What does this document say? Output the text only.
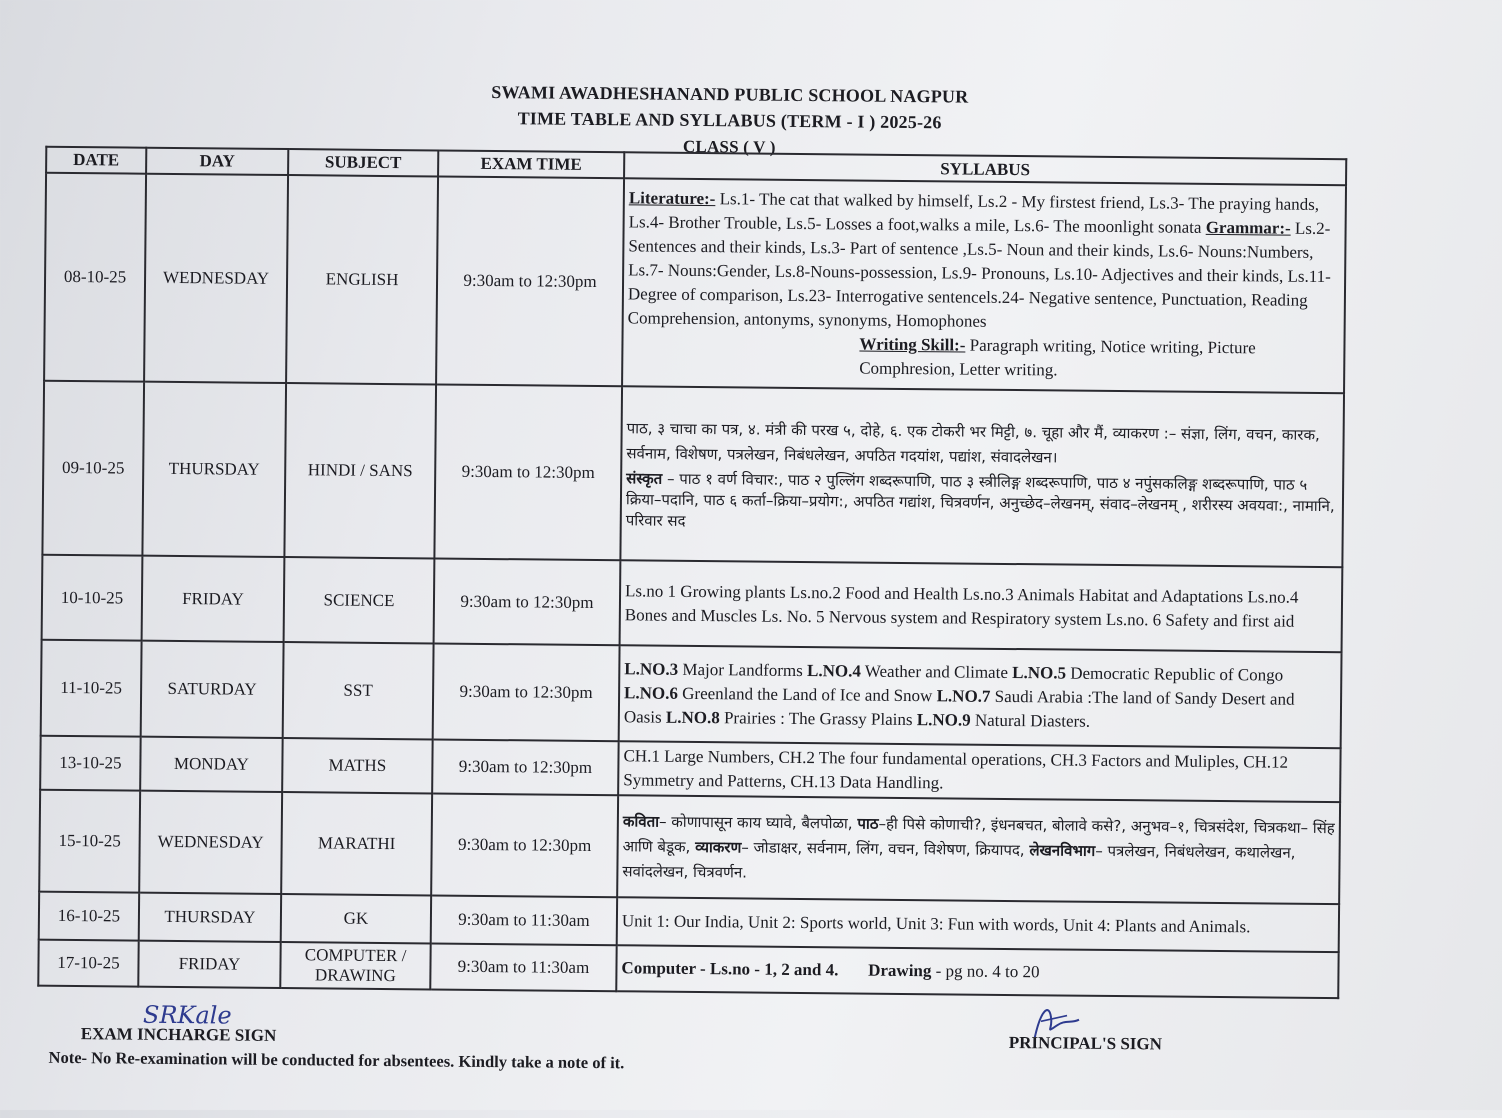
SWAMI AWADHESHANAND PUBLIC SCHOOL NAGPUR
TIME TABLE AND SYLLABUS (TERM - I ) 2025-26
CLASS ( V )
DATE	DAY	SUBJECT	EXAM TIME	SYLLABUS
08-10-25	WEDNESDAY	ENGLISH	9:30am to 12:30pm	Literature:- Ls.1- The cat that walked by himself, Ls.2 - My firstest friend, Ls.3- The praying hands, Ls.4- Brother Trouble, Ls.5- Losses a foot,walks a mile, Ls.6- The moonlight sonata Grammar:- Ls.2- Sentences and their kinds, Ls.3- Part of sentence ,Ls.5- Noun and their kinds, Ls.6- Nouns:Numbers, Ls.7- Nouns:Gender, Ls.8-Nouns-possession, Ls.9- Pronouns, Ls.10- Adjectives and their kinds, Ls.11- Degree of comparison, Ls.23- Interrogative sentencels.24- Negative sentence, Punctuation, Reading Comprehension, antonyms, synonyms, Homophones
Writing Skill:- Paragraph writing, Notice writing, Picture Comphresion, Letter writing.

09-10-25	THURSDAY	HINDI / SANS	9:30am to 12:30pm	पाठ, ३ चाचा का पत्र, ४. मंत्री की परख ५, दोहे, ६. एक टोकरी भर मिट्टी, ७. चूहा और मैं, व्याकरण :– संज्ञा, लिंग, वचन, कारक, सर्वनाम, विशेषण, पत्रलेखन, निबंधलेखन, अपठित गदयांश, पद्यांश, संवादलेखन।
संस्कृत – पाठ १ वर्ण विचार:, पाठ २ पुल्लिंग शब्दरूपाणि, पाठ ३ स्त्रीलिङ्ग शब्दरूपाणि, पाठ ४ नपुंसकलिङ्ग शब्दरूपाणि, पाठ ५ क्रिया–पदानि, पाठ ६ कर्ता–क्रिया–प्रयोग:, अपठित गद्यांश, चित्रवर्णन, अनुच्छेद–लेखनम्, संवाद–लेखनम् , शरीरस्य अवयवा:, नामानि, परिवार सद

10-10-25	FRIDAY	SCIENCE	9:30am to 12:30pm	Ls.no 1 Growing plants Ls.no.2 Food and Health Ls.no.3 Animals Habitat and Adaptations Ls.no.4 Bones and Muscles Ls. No. 5 Nervous system and Respiratory system Ls.no. 6 Safety and first aid
11-10-25	SATURDAY	SST	9:30am to 12:30pm	L.NO.3 Major Landforms L.NO.4 Weather and Climate L.NO.5 Democratic Republic of Congo L.NO.6 Greenland the Land of Ice and Snow L.NO.7 Saudi Arabia :The land of Sandy Desert and Oasis L.NO.8 Prairies : The Grassy Plains L.NO.9 Natural Diasters.
13-10-25	MONDAY	MATHS	9:30am to 12:30pm	CH.1 Large Numbers, CH.2 The four fundamental operations, CH.3 Factors and Muliples, CH.12 Symmetry and Patterns, CH.13 Data Handling.
15-10-25	WEDNESDAY	MARATHI	9:30am to 12:30pm	कविता– कोणापासून काय घ्यावे, बैलपोळा, पाठ–ही पिसे कोणाची?, इंधनबचत, बोलावे कसे?, अनुभव–१, चित्रसंदेश, चित्रकथा– सिंह आणि बेडूक, व्याकरण– जोडाक्षर, सर्वनाम, लिंग, वचन, विशेषण, क्रियापद, लेखनविभाग– पत्रलेखन, निबंधलेखन, कथालेखन, सवांदलेखन, चित्रवर्णन.
16-10-25	THURSDAY	GK	9:30am to 11:30am	Unit 1: Our India, Unit 2: Sports world, Unit 3: Fun with words, Unit 4: Plants and Animals.
17-10-25	FRIDAY	COMPUTER / DRAWING	9:30am to 11:30am	Computer - Ls.no - 1, 2 and 4. Drawing - pg no. 4 to 20
SRKale
EXAM INCHARGE SIGN	PRINCIPAL'S SIGN
Note- No Re-examination will be conducted for absentees. Kindly take a note of it.
